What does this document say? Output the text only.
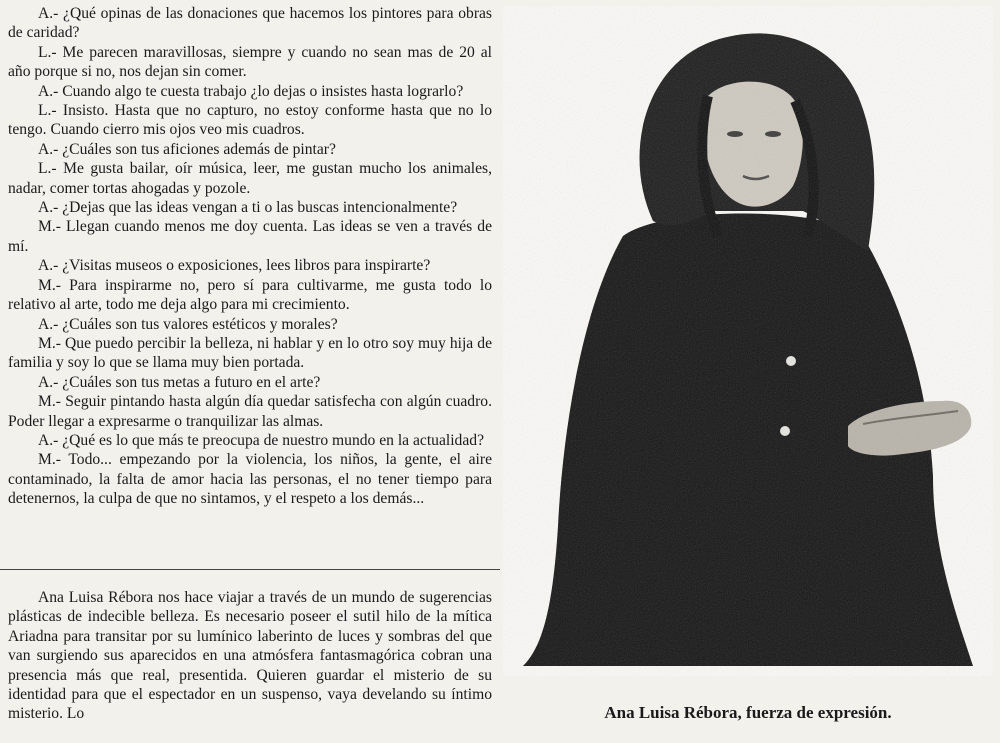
A.- ¿Qué opinas de las donaciones que hacemos los pintores para obras de caridad?

L.- Me parecen maravillosas, siempre y cuando no sean mas de 20 al año porque si no, nos dejan sin comer.

A.- Cuando algo te cuesta trabajo ¿lo dejas o insistes hasta lograrlo?

L.- Insisto. Hasta que no capturo, no estoy conforme hasta que no lo tengo. Cuando cierro mis ojos veo mis cuadros.

A.- ¿Cuáles son tus aficiones además de pintar?

L.- Me gusta bailar, oír música, leer, me gustan mucho los animales, nadar, comer tortas ahogadas y pozole.

A.- ¿Dejas que las ideas vengan a ti o las buscas intencionalmente?

M.- Llegan cuando menos me doy cuenta. Las ideas se ven a través de mí.

A.- ¿Visitas museos o exposiciones, lees libros para inspirarte?

M.- Para inspirarme no, pero sí para cultivarme, me gusta todo lo relativo al arte, todo me deja algo para mi crecimiento.

A.- ¿Cuáles son tus valores estéticos y morales?

M.- Que puedo percibir la belleza, ni hablar y en lo otro soy muy hija de familia y soy lo que se llama muy bien portada.

A.- ¿Cuáles son tus metas a futuro en el arte?

M.- Seguir pintando hasta algún día quedar satisfecha con algún cuadro. Poder llegar a expresarme o tranquilizar las almas.

A.- ¿Qué es lo que más te preocupa de nuestro mundo en la actualidad?

M.- Todo... empezando por la violencia, los niños, la gente, el aire contaminado, la falta de amor hacia las personas, el no tener tiempo para detenernos, la culpa de que no sintamos, y el respeto a los demás...

Ana Luisa Rébora nos hace viajar a través de un mundo de sugerencias plásticas de indecible belleza. Es necesario poseer el sutil hilo de la mítica Ariadna para transitar por su lumínico laberinto de luces y sombras del que van surgiendo sus aparecidos en una atmósfera fantasmagórica cobran una presencia más que real, presentida. Quieren guardar el misterio de su identidad para que el espectador en un suspenso, vaya develando su íntimo misterio. Lo	Ana Luisa Rébora, fuerza de expresión.
